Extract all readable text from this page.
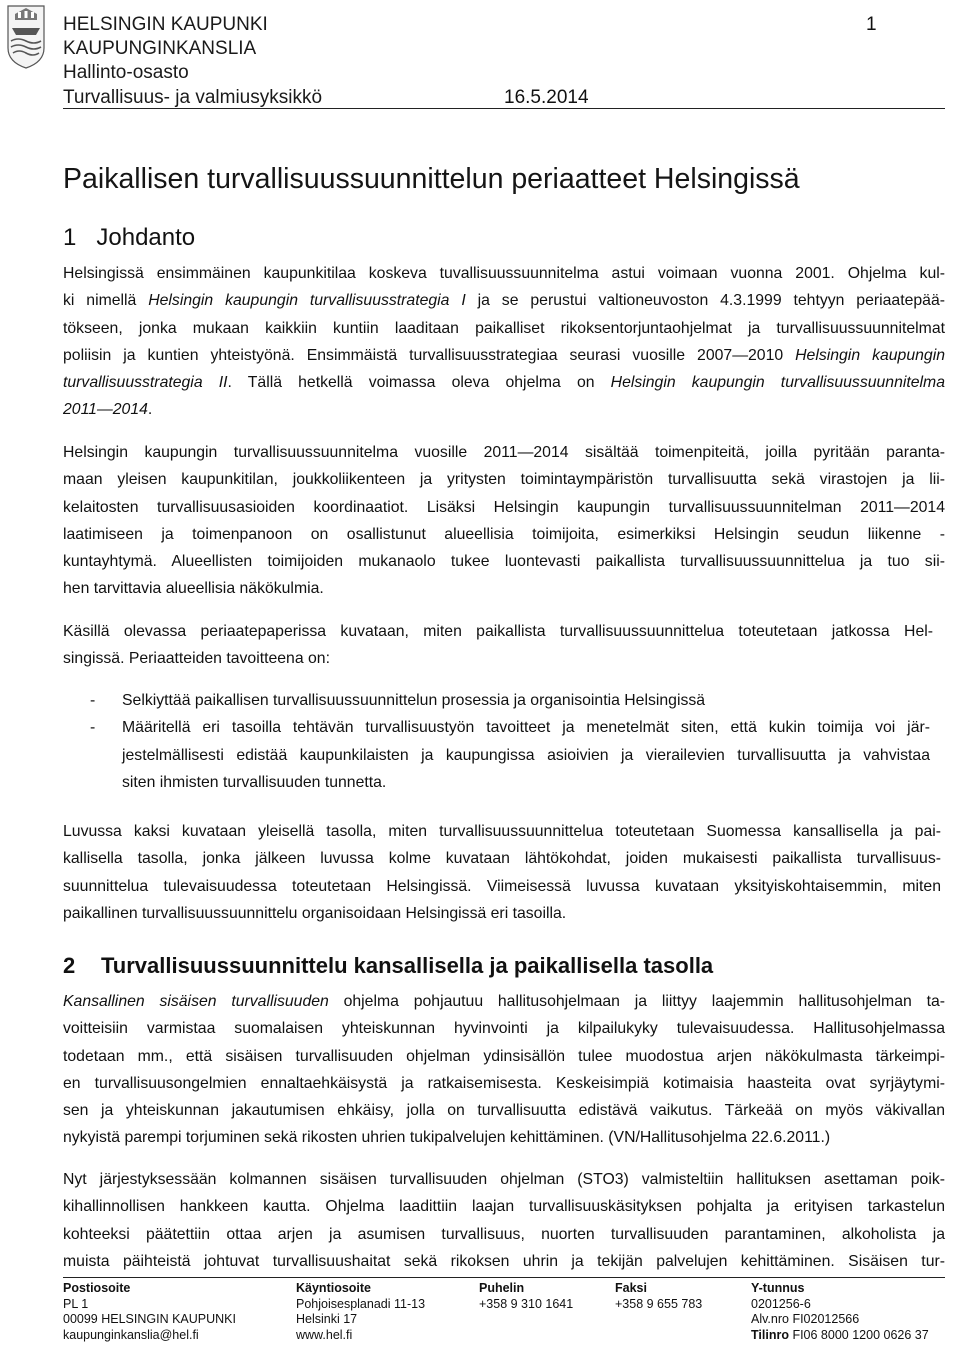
HELSINGIN KAUPUNKI
KAUPUNGINKANSLIA
Hallinto-osasto
Turvallisuus- ja valmiusyksikkö	16.5.2014
1
Paikallisen turvallisuussuunnittelun periaatteet Helsingissä
1 Johdanto
Helsingissä ensimmäinen kaupunkitilaa koskeva tuvallisuussuunnitelma astui voimaan vuonna 2001. Ohjelma kul-
ki nimellä Helsingin kaupungin turvallisuusstrategia I ja se perustui valtioneuvoston 4.3.1999 tehtyyn periaatepää-
tökseen, jonka mukaan kaikkiin kuntiin laaditaan paikalliset rikoksentorjuntaohjelmat ja turvallisuussuunnitelmat
poliisin ja kuntien yhteistyönä. Ensimmäistä turvallisuusstrategiaa seurasi vuosille 2007—2010 Helsingin kaupungin
turvallisuusstrategia II. Tällä hetkellä voimassa oleva ohjelma on Helsingin kaupungin turvallisuussuunnitelma
2011—2014.
Helsingin kaupungin turvallisuussuunnitelma vuosille 2011—2014 sisältää toimenpiteitä, joilla pyritään paranta-
maan yleisen kaupunkitilan, joukkoliikenteen ja yritysten toimintaympäristön turvallisuutta sekä virastojen ja lii-
kelaitosten turvallisuusasioiden koordinaatiot. Lisäksi Helsingin kaupungin turvallisuussuunnitelman 2011—2014
laatimiseen ja toimenpanoon on osallistunut alueellisia toimijoita, esimerkiksi Helsingin seudun liikenne -
kuntayhtymä. Alueellisten toimijoiden mukanaolo tukee luontevasti paikallista turvallisuussuunnittelua ja tuo sii-
hen tarvittavia alueellisia näkökulmia.
Käsillä olevassa periaatepaperissa kuvataan, miten paikallista turvallisuussuunnittelua toteutetaan jatkossa Hel-
singissä. Periaatteiden tavoitteena on:
- Selkiyttää paikallisen turvallisuussuunnittelun prosessia ja organisointia Helsingissä
- Määritellä eri tasoilla tehtävän turvallisuustyön tavoitteet ja menetelmät siten, että kukin toimija voi jär-
jestelmällisesti edistää kaupunkilaisten ja kaupungissa asioivien ja vierailevien turvallisuutta ja vahvistaa
siten ihmisten turvallisuuden tunnetta.
Luvussa kaksi kuvataan yleisellä tasolla, miten turvallisuussuunnittelua toteutetaan Suomessa kansallisella ja pai-
kallisella tasolla, jonka jälkeen luvussa kolme kuvataan lähtökohdat, joiden mukaisesti paikallista turvallisuus-
suunnittelua tulevaisuudessa toteutetaan Helsingissä. Viimeisessä luvussa kuvataan yksityiskohtaisemmin, miten
paikallinen turvallisuussuunnittelu organisoidaan Helsingissä eri tasoilla.
2 Turvallisuussuunnittelu kansallisella ja paikallisella tasolla
Kansallinen sisäisen turvallisuuden ohjelma pohjautuu hallitusohjelmaan ja liittyy laajemmin hallitusohjelman ta-
voitteisiin varmistaa suomalaisen yhteiskunnan hyvinvointi ja kilpailukyky tulevaisuudessa. Hallitusohjelmassa
todetaan mm., että sisäisen turvallisuuden ohjelman ydinsisällön tulee muodostua arjen näkökulmasta tärkeimpi-
en turvallisuusongelmien ennaltaehkäisystä ja ratkaisemisesta. Keskeisimpiä kotimaisia haasteita ovat syrjäytymi-
sen ja yhteiskunnan jakautumisen ehkäisy, jolla on turvallisuutta edistävä vaikutus. Tärkeää on myös väkivallan
nykyistä parempi torjuminen sekä rikosten uhrien tukipalvelujen kehittäminen. (VN/Hallitusohjelma 22.6.2011.)
Nyt järjestyksessään kolmannen sisäisen turvallisuuden ohjelman (STO3) valmisteltiin hallituksen asettaman poik-
kihallinnollisen hankkeen kautta. Ohjelma laadittiin laajan turvallisuuskäsityksen pohjalta ja erityisen tarkastelun
kohteeksi päätettiin ottaa arjen ja asumisen turvallisuus, nuorten turvallisuuden parantaminen, alkoholista ja
muista päihteistä johtuvat turvallisuushaitat sekä rikoksen uhrin ja tekijän palvelujen kehittäminen. Sisäisen tur-
Postiosoite
PL 1
00099 HELSINGIN KAUPUNKI
kaupunginkanslia@hel.fi
Käyntiosoite
Pohjoisesplanadi 11-13
Helsinki 17
www.hel.fi
Puhelin
+358 9 310 1641
Faksi
+358 9 655 783
Y-tunnus
0201256-6
Alv.nro FI02012566
Tilinro FI06 8000 1200 0626 37
